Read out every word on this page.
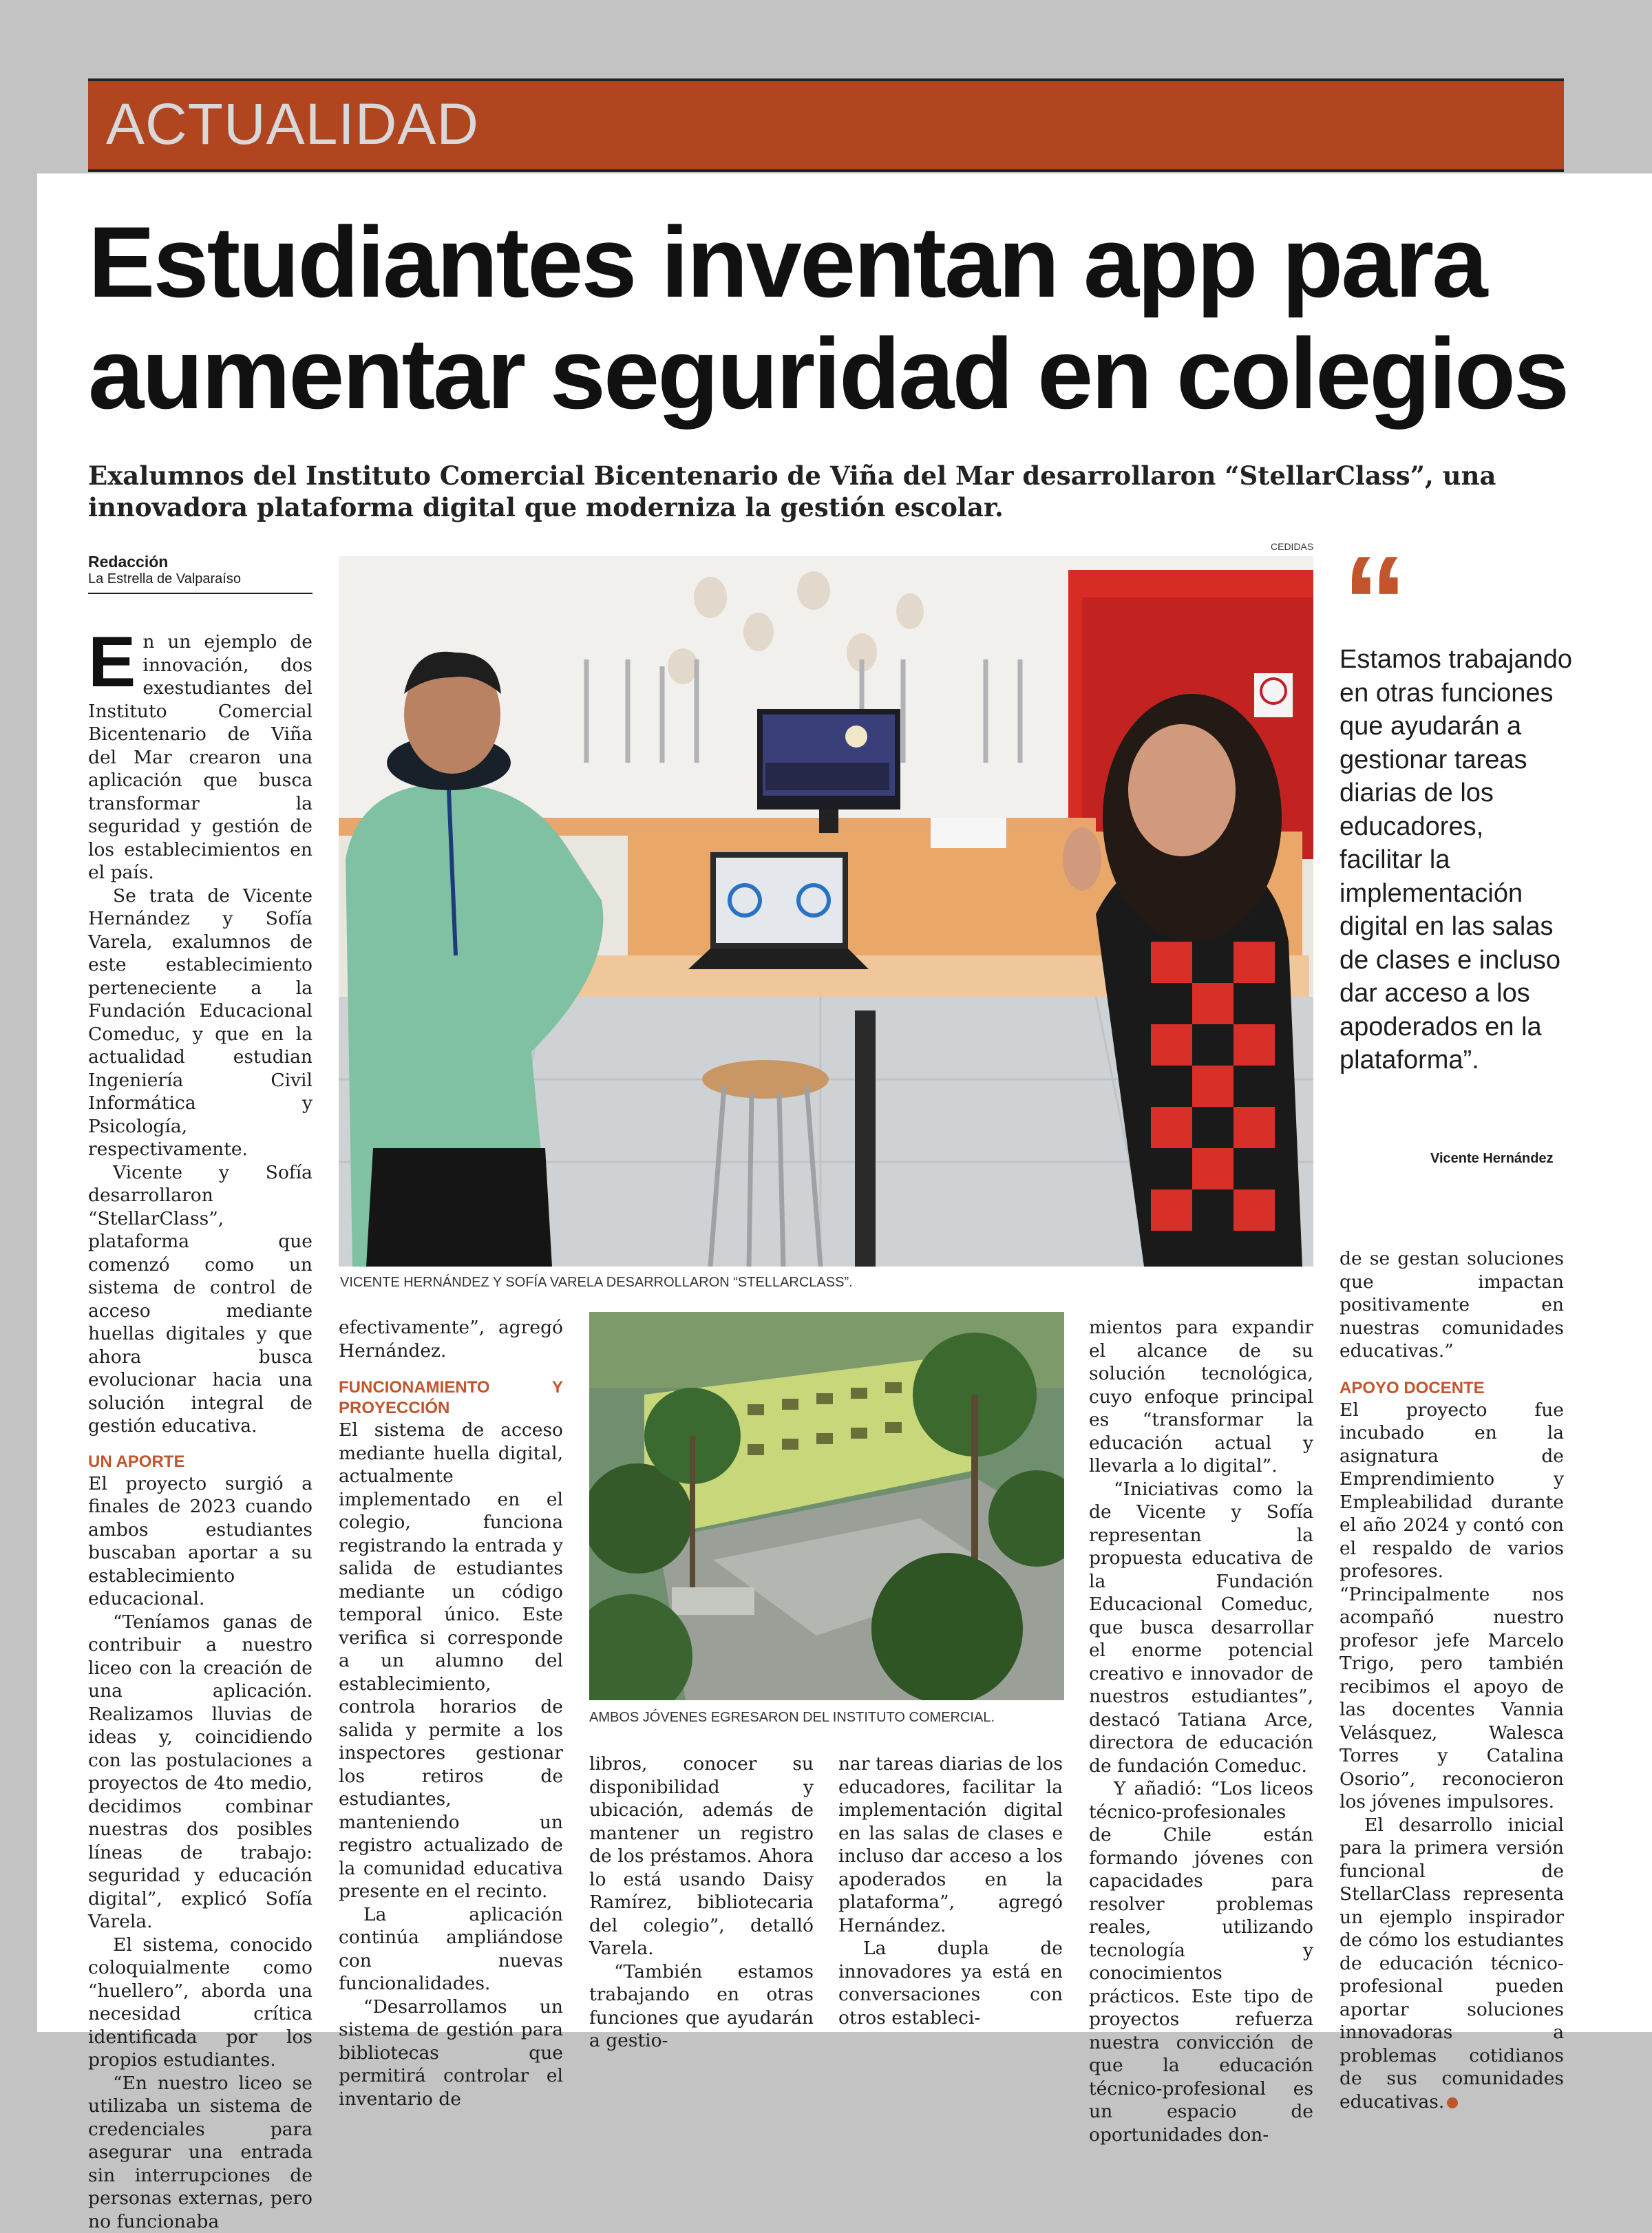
ACTUALIDAD
Estudiantes inventan app para aumentar seguridad en colegios
Exalumnos del Instituto Comercial Bicentenario de Viña del Mar desarrollaron “StellarClass”, una innovadora plataforma digital que moderniza la gestión escolar.
Redacción
La Estrella de Valparaíso
CEDIDAS
VICENTE HERNÁNDEZ Y SOFÍA VARELA DESARROLLARON “STELLARCLASS”.
AMBOS JÓVENES EGRESARON DEL INSTITUTO COMERCIAL.
“
Estamos trabajando en otras funciones que ayudarán a gestionar tareas diarias de los educadores, facilitar la implementación digital en las salas de clases e incluso dar acceso a los apoderados en la plataforma”.
Vicente Hernández

En un ejemplo de innovación, dos exestudiantes del Instituto Comercial Bicentenario de Viña del Mar crearon una aplicación que busca transformar la seguridad y gestión de los establecimientos en el país.

Se trata de Vicente Hernández y Sofía Varela, exalumnos de este establecimiento perteneciente a la Fundación Educacional Comeduc, y que en la actualidad estudian Ingeniería Civil Informática y Psicología, respectivamente.

Vicente y Sofía desarrollaron “StellarClass”, plataforma que comenzó como un sistema de control de acceso mediante huellas digitales y que ahora busca evolucionar hacia una solución integral de gestión educativa.

UN APORTE

El proyecto surgió a finales de 2023 cuando ambos estudiantes buscaban aportar a su establecimiento educacional.

“Teníamos ganas de contribuir a nuestro liceo con la creación de una aplicación. Realizamos lluvias de ideas y, coincidiendo con las postulaciones a proyectos de 4to medio, decidimos combinar nuestras dos posibles líneas de trabajo: seguridad y educación digital”, explicó Sofía Varela.

El sistema, conocido coloquialmente como “huellero”, aborda una necesidad crítica identificada por los propios estudiantes.

“En nuestro liceo se utilizaba un sistema de credenciales para asegurar una entrada sin interrupciones de personas externas, pero no funcionaba

efectivamente”, agregó Hernández.

FUNCIONAMIENTO Y PROYECCIÓN

El sistema de acceso mediante huella digital, actualmente implementado en el colegio, funciona registrando la entrada y salida de estudiantes mediante un código temporal único. Este verifica si corresponde a un alumno del establecimiento, controla horarios de salida y permite a los inspectores gestionar los retiros de estudiantes, manteniendo un registro actualizado de la comunidad educativa presente en el recinto.

La aplicación continúa ampliándose con nuevas funcionalidades.

“Desarrollamos un sistema de gestión para bibliotecas que permitirá controlar el inventario de

libros, conocer su disponibilidad y ubicación, además de mantener un registro de los préstamos. Ahora lo está usando Daisy Ramírez, bibliotecaria del colegio”, detalló Varela.

“También estamos trabajando en otras funciones que ayudarán a gestio-

nar tareas diarias de los educadores, facilitar la implementación digital en las salas de clases e incluso dar acceso a los apoderados en la plataforma”, agregó Hernández.

La dupla de innovadores ya está en conversaciones con otros estableci-

mientos para expandir el alcance de su solución tecnológica, cuyo enfoque principal es “transformar la educación actual y llevarla a lo digital”.

“Iniciativas como la de Vicente y Sofía representan la propuesta educativa de la Fundación Educacional Comeduc, que busca desarrollar el enorme potencial creativo e innovador de nuestros estudiantes”, destacó Tatiana Arce, directora de educación de fundación Comeduc.

Y añadió: “Los liceos técnico-profesionales de Chile están formando jóvenes con capacidades para resolver problemas reales, utilizando tecnología y conocimientos prácticos. Este tipo de proyectos refuerza nuestra convicción de que la educación técnico-profesional es un espacio de oportunidades don-

de se gestan soluciones que impactan positivamente en nuestras comunidades educativas.”

APOYO DOCENTE

El proyecto fue incubado en la asignatura de Emprendimiento y Empleabilidad durante el año 2024 y contó con el respaldo de varios profesores. “Principalmente nos acompañó nuestro profesor jefe Marcelo Trigo, pero también recibimos el apoyo de las docentes Vannia Velásquez, Walesca Torres y Catalina Osorio”, reconocieron los jóvenes impulsores.

El desarrollo inicial para la primera versión funcional de StellarClass representa un ejemplo inspirador de cómo los estudiantes de educación técnico-profesional pueden aportar soluciones innovadoras a problemas cotidianos de sus comunidades educativas.
